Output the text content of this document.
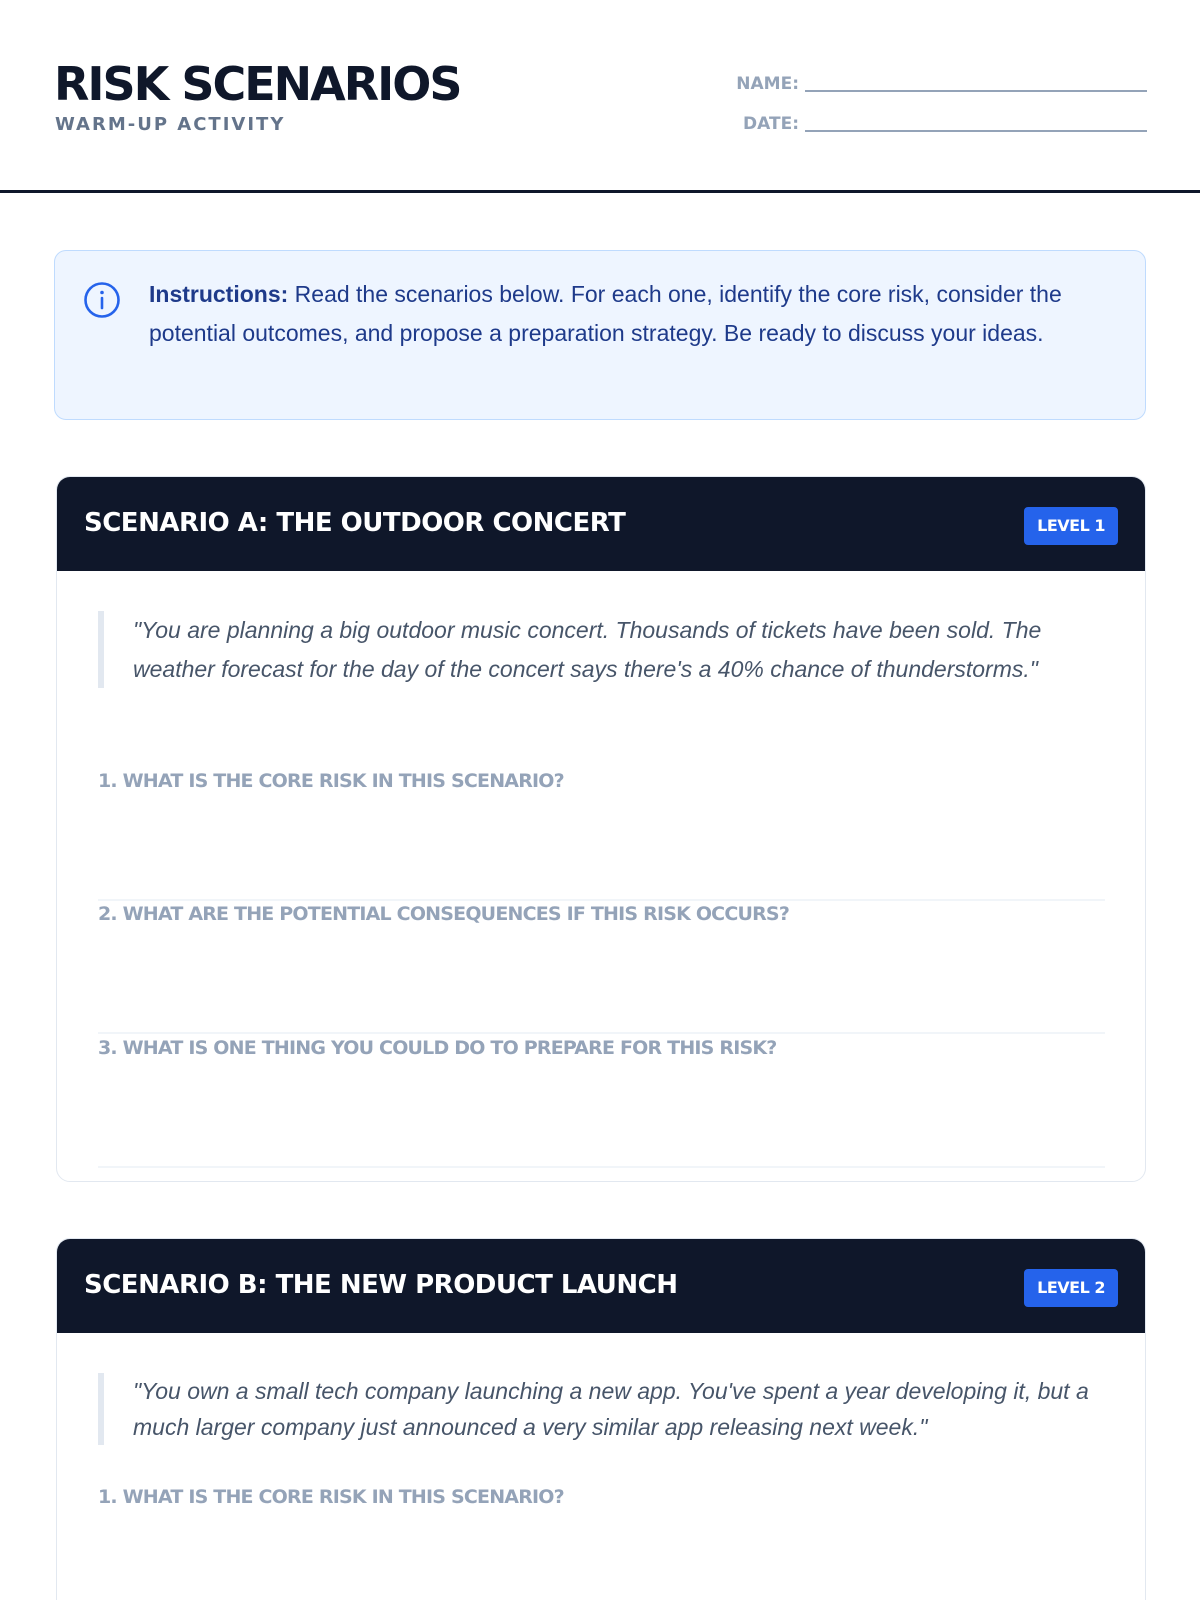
RISK SCENARIOS
WARM-UP ACTIVITY
NAME:
DATE:
Instructions: Read the scenarios below. For each one, identify the core risk, consider the potential outcomes, and propose a preparation strategy. Be ready to discuss your ideas.
SCENARIO A: THE OUTDOOR CONCERT	LEVEL 1
"You are planning a big outdoor music concert. Thousands of tickets have been sold. The weather forecast for the day of the concert says there's a 40% chance of thunderstorms."
1. WHAT IS THE CORE RISK IN THIS SCENARIO?
2. WHAT ARE THE POTENTIAL CONSEQUENCES IF THIS RISK OCCURS?
3. WHAT IS ONE THING YOU COULD DO TO PREPARE FOR THIS RISK?
SCENARIO B: THE NEW PRODUCT LAUNCH	LEVEL 2
"You own a small tech company launching a new app. You've spent a year developing it, but a much larger company just announced a very similar app releasing next week."
1. WHAT IS THE CORE RISK IN THIS SCENARIO?
